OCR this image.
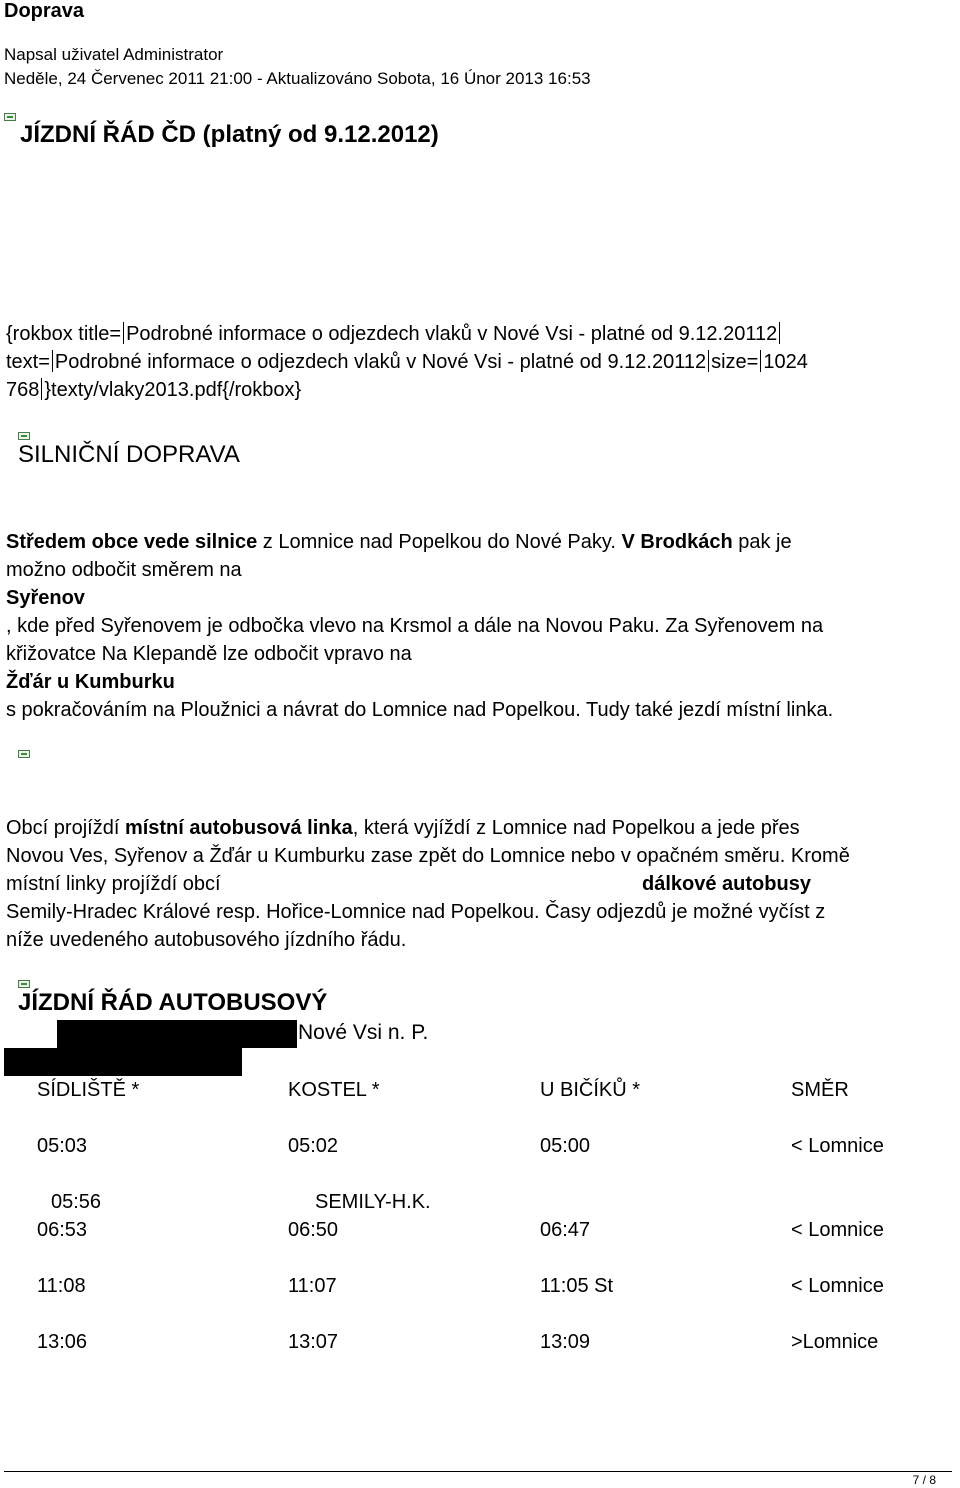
Doprava
Napsal uživatel Administrator
Neděle, 24 Červenec 2011 21:00 - Aktualizováno Sobota, 16 Únor 2013 16:53
JÍZDNÍ ŘÁD ČD (platný od 9.12.2012)
{rokbox title= Podrobné informace o odjezdech vlaků v Nové Vsi - platné od 9.12.20112
text= Podrobné informace o odjezdech vlaků v Nové Vsi - platné od 9.12.20112 size= 1024
768 }texty/vlaky2013.pdf{/rokbox}
SILNIČNÍ DOPRAVA
Středem obce vede silnice z Lomnice nad Popelkou do Nové Paky. V Brodkách pak je
možno odbočit směrem na
Syřenov
, kde před Syřenovem je odbočka vlevo na Krsmol a dále na Novou Paku. Za Syřenovem na
křižovatce Na Klepandě lze odbočit vpravo na
Žďár u Kumburku
s pokračováním na Ploužnici a návrat do Lomnice nad Popelkou. Tudy také jezdí místní linka.
Obcí projíždí místní autobusová linka, která vyjíždí z Lomnice nad Popelkou a jede přes
Novou Ves, Syřenov a Žďár u Kumburku zase zpět do Lomnice nebo v opačném směru. Kromě
místní linky projíždí obcí	dálkové autobusy
Semily-Hradec Králové resp. Hořice-Lomnice nad Popelkou. Časy odjezdů je možné vyčíst z
níže uvedeného autobusového jízdního řádu.
JÍZDNÍ ŘÁD AUTOBUSOVÝ
Nové Vsi n. P.
SÍDLIŠTĚ *	KOSTEL *	U BIČÍKŮ *	SMĚR
05:03	05:02	05:00	< Lomnice
05:56	SEMILY-H.K.
06:53	06:50	06:47	< Lomnice
11:08	11:07	11:05 St	< Lomnice
13:06	13:07	13:09	>Lomnice
7 / 8
